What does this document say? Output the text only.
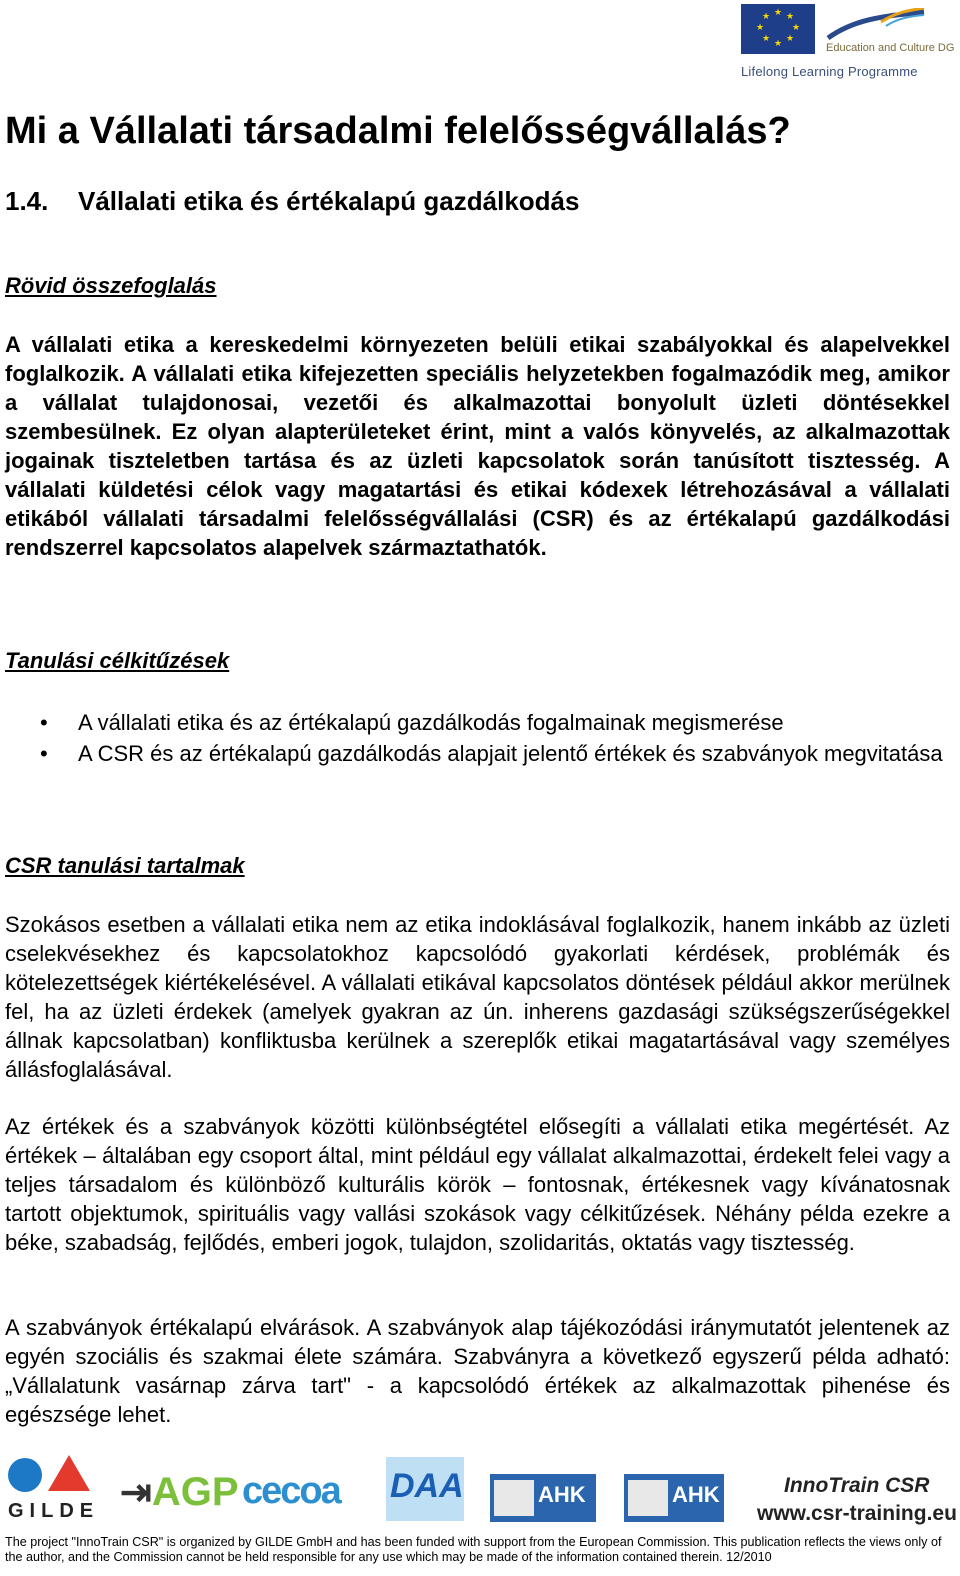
★ ★
★
★
★
★
★
★
Education and Culture DG
Lifelong Learning Programme
Mi a Vállalati társadalmi felelősségvállalás?
1.4. Vállalati etika és értékalapú gazdálkodás
Rövid összefoglalás
A vállalati etika a kereskedelmi környezeten belüli etikai szabályokkal és alapelvekkel foglalkozik. A vállalati etika kifejezetten speciális helyzetekben fogalmazódik meg, amikor a vállalat tulajdonosai, vezetői és alkalmazottai bonyolult üzleti döntésekkel szembesülnek. Ez olyan alapterületeket érint, mint a valós könyvelés, az alkalmazottak jogainak tiszteletben tartása és az üzleti kapcsolatok során tanúsított tisztesség. A vállalati küldetési célok vagy magatartási és etikai kódexek létrehozásával a vállalati etikából vállalati társadalmi felelősségvállalási (CSR) és az értékalapú gazdálkodási rendszerrel kapcsolatos alapelvek származtathatók.
Tanulási célkitűzések
• A vállalati etika és az értékalapú gazdálkodás fogalmainak megismerése
• A CSR és az értékalapú gazdálkodás alapjait jelentő értékek és szabványok megvitatása
CSR tanulási tartalmak
Szokásos esetben a vállalati etika nem az etika indoklásával foglalkozik, hanem inkább az üzleti cselekvésekhez és kapcsolatokhoz kapcsolódó gyakorlati kérdések, problémák és kötelezettségek kiértékelésével. A vállalati etikával kapcsolatos döntések például akkor merülnek fel, ha az üzleti érdekek (amelyek gyakran az ún. inherens gazdasági szükségszerűségekkel állnak kapcsolatban) konfliktusba kerülnek a szereplők etikai magatartásával vagy személyes állásfoglalásával.
Az értékek és a szabványok közötti különbségtétel elősegíti a vállalati etika megértését. Az értékek – általában egy csoport által, mint például egy vállalat alkalmazottai, érdekelt felei vagy a teljes társadalom és különböző kulturális körök – fontosnak, értékesnek vagy kívánatosnak tartott objektumok, spirituális vagy vallási szokások vagy célkitűzések. Néhány példa ezekre a béke, szabadság, fejlődés, emberi jogok, tulajdon, szolidaritás, oktatás vagy tisztesség.
A szabványok értékalapú elvárások. A szabványok alap tájékozódási iránymutatót jelentenek az egyén szociális és szakmai élete számára. Szabványra a következő egyszerű példa adható: „Vállalatunk vasárnap zárva tart" - a kapcsolódó értékek az alkalmazottak pihenése és egészsége lehet.
GILDE ⇥AGP cecoa DAA	AHK	AHK	InnoTrain CSR
www.csr-training.eu
The project "InnoTrain CSR" is organized by GILDE GmbH and has been funded with support from the European Commission. This publication reflects the views only of the author, and the Commission cannot be held responsible for any use which may be made of the information contained therein. 12/2010
